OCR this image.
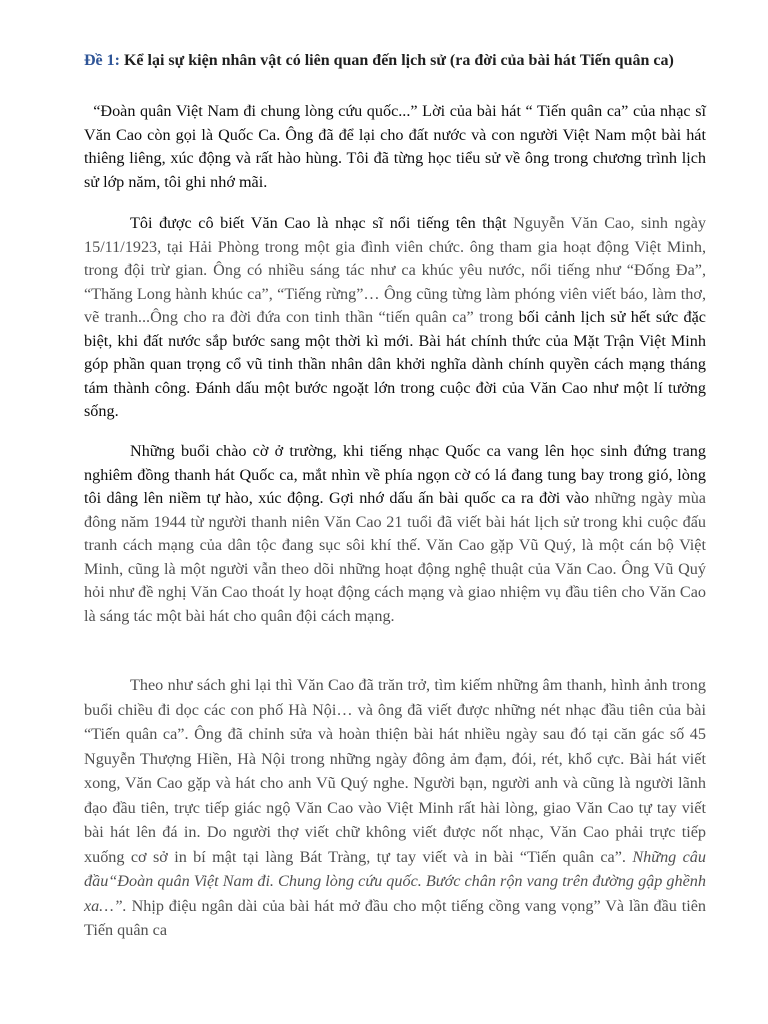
Đề 1: Kể lại sự kiện nhân vật có liên quan đến lịch sử (ra đời của bài hát Tiến quân ca)

“Đoàn quân Việt Nam đi chung lòng cứu quốc...” Lời của bài hát “ Tiến quân ca” của nhạc sĩ Văn Cao còn gọi là Quốc Ca. Ông đã để lại cho đất nước và con người Việt Nam một bài hát thiêng liêng, xúc động và rất hào hùng. Tôi đã từng học tiểu sử về ông trong chương trình lịch sử lớp năm, tôi ghi nhớ mãi.

Tôi được cô biết Văn Cao là nhạc sĩ nổi tiếng tên thật Nguyễn Văn Cao, sinh ngày 15/11/1923, tại Hải Phòng trong một gia đình viên chức. ông tham gia hoạt động Việt Minh, trong đội trừ gian. Ông có nhiều sáng tác như ca khúc yêu nước, nổi tiếng như “Đống Đa”, “Thăng Long hành khúc ca”, “Tiếng rừng”… Ông cũng từng làm phóng viên viết báo, làm thơ, vẽ tranh...Ông cho ra đời đứa con tinh thần “tiến quân ca” trong bối cảnh lịch sử hết sức đặc biệt, khi đất nước sắp bước sang một thời kì mới. Bài hát chính thức của Mặt Trận Việt Minh góp phần quan trọng cổ vũ tinh thần nhân dân khởi nghĩa dành chính quyền cách mạng tháng tám thành công. Đánh dấu một bước ngoặt lớn trong cuộc đời của Văn Cao như một lí tưởng sống.

Những buổi chào cờ ở trường, khi tiếng nhạc Quốc ca vang lên học sinh đứng trang nghiêm đồng thanh hát Quốc ca, mắt nhìn về phía ngọn cờ có lá đang tung bay trong gió, lòng tôi dâng lên niềm tự hào, xúc động. Gợi nhớ dấu ấn bài quốc ca ra đời vào những ngày mùa đông năm 1944 từ người thanh niên Văn Cao 21 tuổi đã viết bài hát lịch sử trong khi cuộc đấu tranh cách mạng của dân tộc đang sục sôi khí thế. Văn Cao gặp Vũ Quý, là một cán bộ Việt Minh, cũng là một người vẫn theo dõi những hoạt động nghệ thuật của Văn Cao. Ông Vũ Quý hỏi như đề nghị Văn Cao thoát ly hoạt động cách mạng và giao nhiệm vụ đầu tiên cho Văn Cao là sáng tác một bài hát cho quân đội cách mạng.

Theo như sách ghi lại thì Văn Cao đã trăn trở, tìm kiếm những âm thanh, hình ảnh trong buổi chiều đi dọc các con phố Hà Nội… và ông đã viết được những nét nhạc đầu tiên của bài “Tiến quân ca”. Ông đã chỉnh sửa và hoàn thiện bài hát nhiều ngày sau đó tại căn gác số 45 Nguyễn Thượng Hiền, Hà Nội trong những ngày đông ảm đạm, đói, rét, khổ cực. Bài hát viết xong, Văn Cao gặp và hát cho anh Vũ Quý nghe. Người bạn, người anh và cũng là người lãnh đạo đầu tiên, trực tiếp giác ngộ Văn Cao vào Việt Minh rất hài lòng, giao Văn Cao tự tay viết bài hát lên đá in. Do người thợ viết chữ không viết được nốt nhạc, Văn Cao phải trực tiếp xuống cơ sở in bí mật tại làng Bát Tràng, tự tay viết và in bài “Tiến quân ca”. Những câu đầu“Đoàn quân Việt Nam đi. Chung lòng cứu quốc. Bước chân rộn vang trên đường gập ghềnh xa…”. Nhịp điệu ngân dài của bài hát mở đầu cho một tiếng cồng vang vọng” Và lần đầu tiên Tiến quân ca
